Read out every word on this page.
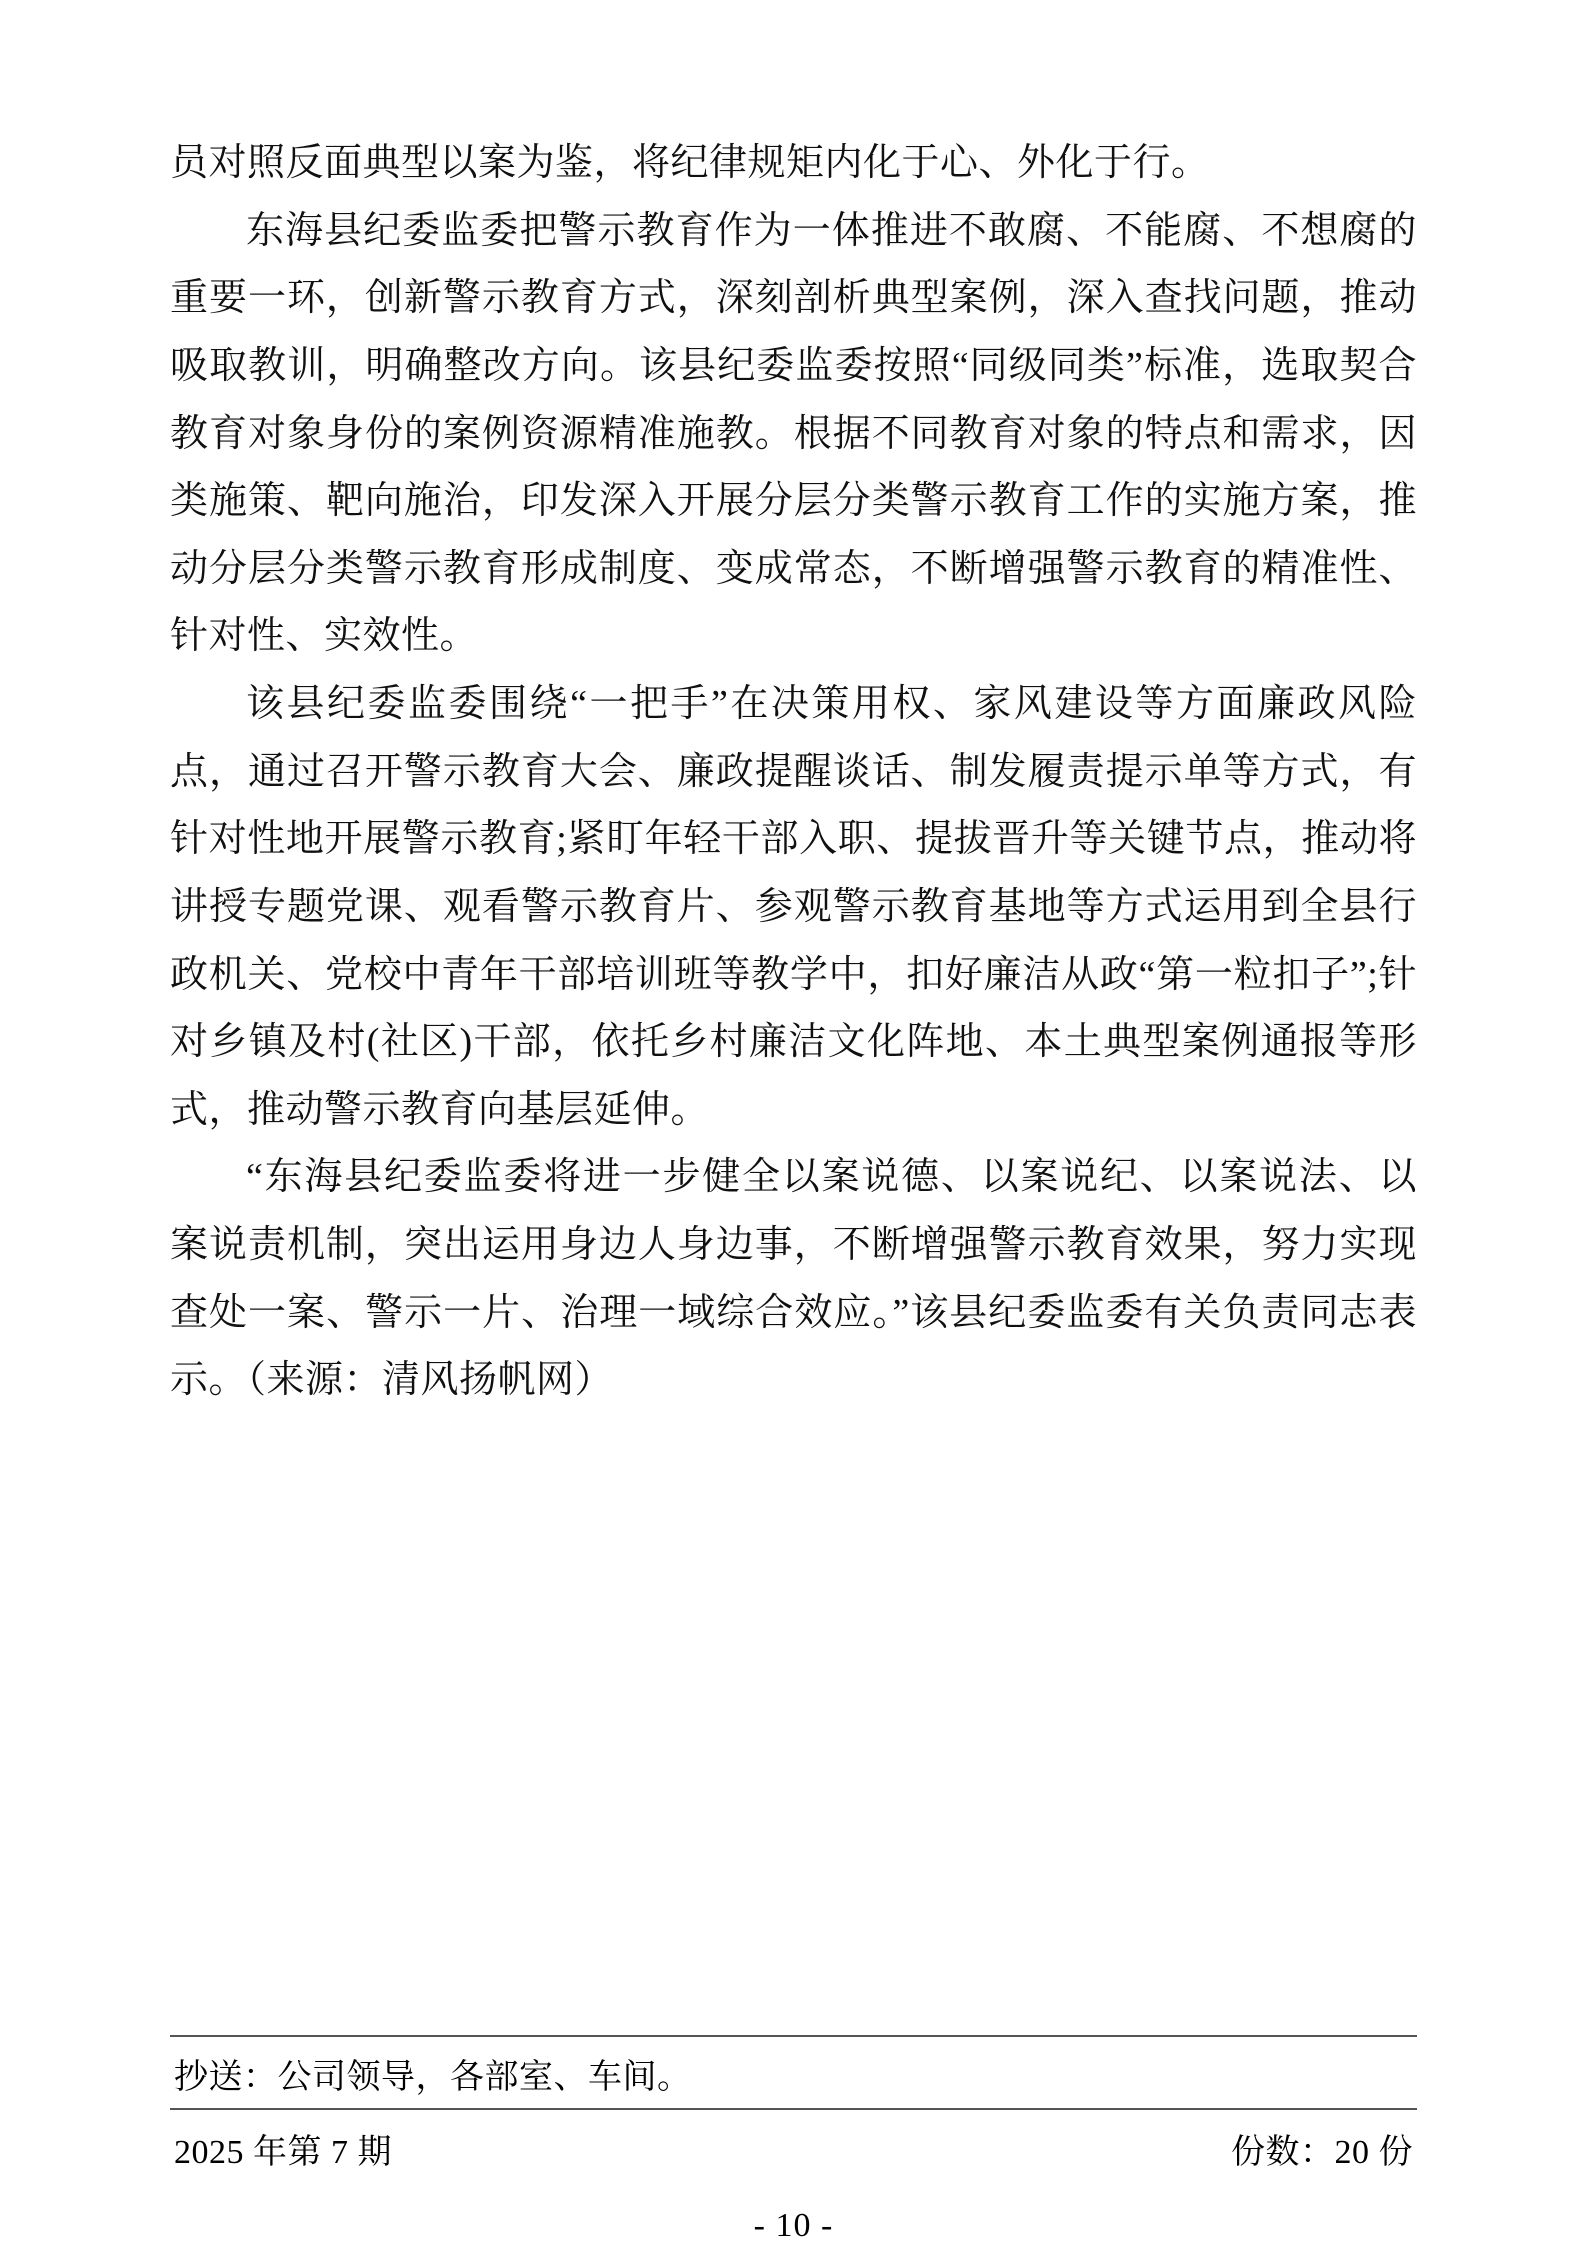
员对照反面典型以案为鉴，将纪律规矩内化于心、外化于行。

东海县纪委监委把警示教育作为一体推进不敢腐、不能腐、不想腐的重要一环，创新警示教育方式，深刻剖析典型案例，深入查找问题，推动吸取教训，明确整改方向。该县纪委监委按照“同级同类”标准，选取契合教育对象身份的案例资源精准施教。根据不同教育对象的特点和需求，因类施策、靶向施治，印发深入开展分层分类警示教育工作的实施方案，推动分层分类警示教育形成制度、变成常态，不断增强警示教育的精准性、针对性、实效性。

该县纪委监委围绕“一把手”在决策用权、家风建设等方面廉政风险点，通过召开警示教育大会、廉政提醒谈话、制发履责提示单等方式，有针对性地开展警示教育;紧盯年轻干部入职、提拔晋升等关键节点，推动将讲授专题党课、观看警示教育片、参观警示教育基地等方式运用到全县行政机关、党校中青年干部培训班等教学中，扣好廉洁从政“第一粒扣子”;针对乡镇及村(社区)干部，依托乡村廉洁文化阵地、本土典型案例通报等形式，推动警示教育向基层延伸。

“东海县纪委监委将进一步健全以案说德、以案说纪、以案说法、以案说责机制，突出运用身边人身边事，不断增强警示教育效果，努力实现查处一案、警示一片、治理一域综合效应。”该县纪委监委有关负责同志表示。（来源：清风扬帆网）

抄送：公司领导，各部室、车间。
2025 年第 7 期	份数：20 份
- 10 -
